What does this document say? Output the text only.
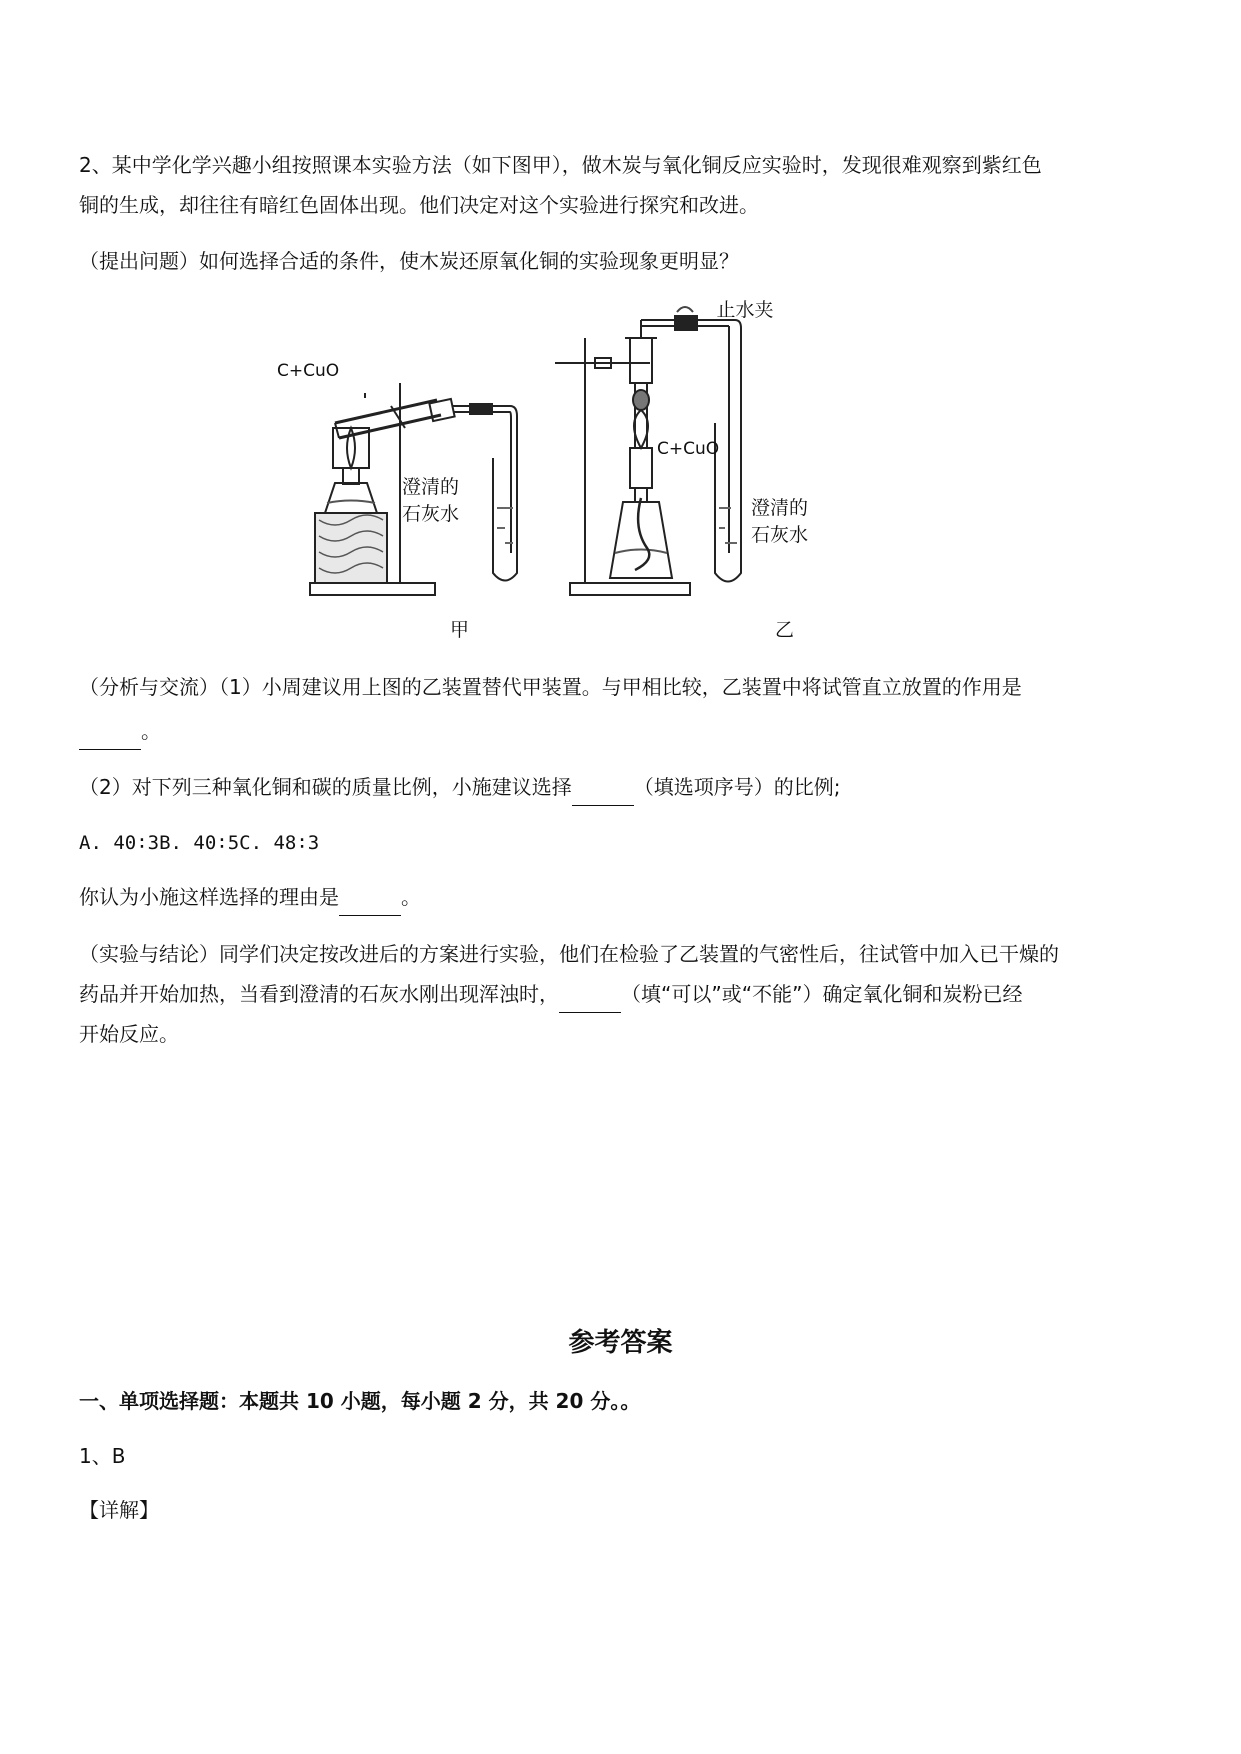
2、某中学化学兴趣小组按照课本实验方法（如下图甲），做木炭与氧化铜反应实验时，发现很难观察到紫红色

铜的生成，却往往有暗红色固体出现。他们决定对这个实验进行探究和改进。

（提出问题）如何选择合适的条件，使木炭还原氧化铜的实验现象更明显？

C+CuO
澄清的
石灰水
甲
止水夹
C+CuO
澄清的
石灰水
乙

（分析与交流）（1）小周建议用上图的乙装置替代甲装置。与甲相比较，乙装置中将试管直立放置的作用是

。

（2）对下列三种氧化铜和碳的质量比例，小施建议选择	（填选项序号）的比例;

A. 40∶3B. 40∶5C. 48∶3

你认为小施这样选择的理由是	。

（实验与结论）同学们决定按改进后的方案进行实验，他们在检验了乙装置的气密性后，往试管中加入已干燥的

药品并开始加热，当看到澄清的石灰水刚出现浑浊时，	（填“可以”或“不能”）确定氧化铜和炭粉已经

开始反应。

参考答案

一、单项选择题：本题共 10 小题，每小题 2 分，共 20 分。。

1、B

【详解】
